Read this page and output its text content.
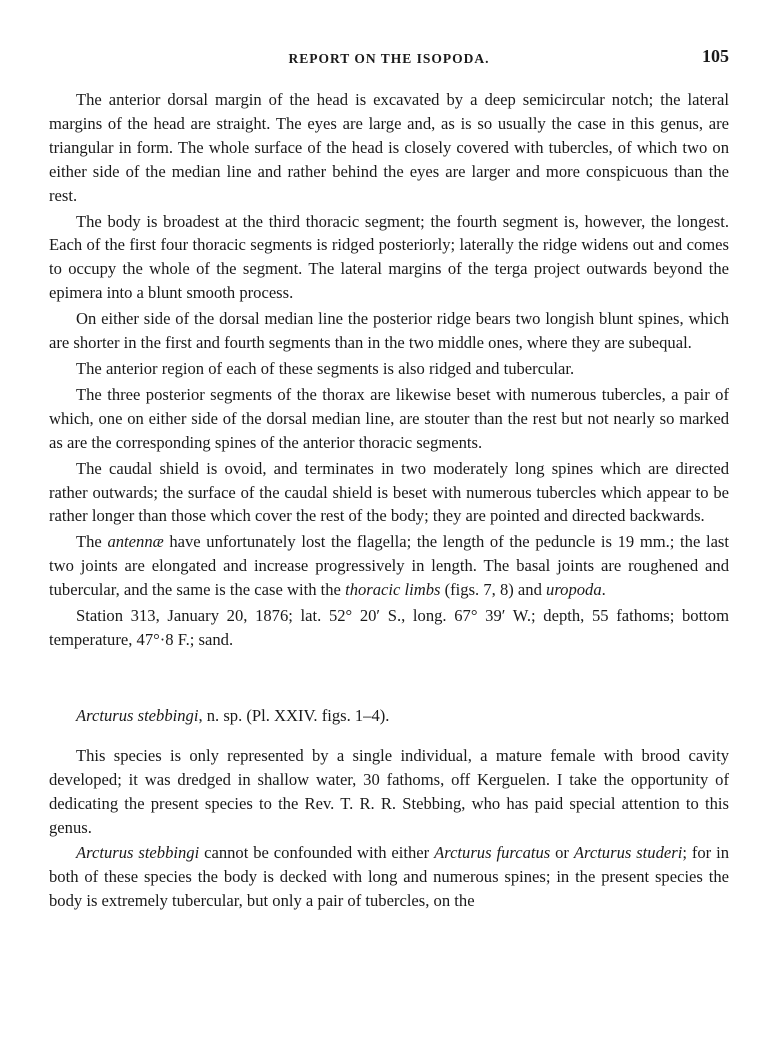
REPORT ON THE ISOPODA.	105

The anterior dorsal margin of the head is excavated by a deep semicircular notch; the lateral margins of the head are straight. The eyes are large and, as is so usually the case in this genus, are triangular in form. The whole surface of the head is closely covered with tubercles, of which two on either side of the median line and rather behind the eyes are larger and more conspicuous than the rest.

The body is broadest at the third thoracic segment; the fourth segment is, however, the longest. Each of the first four thoracic segments is ridged posteriorly; laterally the ridge widens out and comes to occupy the whole of the segment. The lateral margins of the terga project outwards beyond the epimera into a blunt smooth process.

On either side of the dorsal median line the posterior ridge bears two longish blunt spines, which are shorter in the first and fourth segments than in the two middle ones, where they are subequal.

The anterior region of each of these segments is also ridged and tubercular.

The three posterior segments of the thorax are likewise beset with numerous tubercles, a pair of which, one on either side of the dorsal median line, are stouter than the rest but not nearly so marked as are the corresponding spines of the anterior thoracic segments.

The caudal shield is ovoid, and terminates in two moderately long spines which are directed rather outwards; the surface of the caudal shield is beset with numerous tubercles which appear to be rather longer than those which cover the rest of the body; they are pointed and directed backwards.

The antennæ have unfortunately lost the flagella; the length of the peduncle is 19 mm.; the last two joints are elongated and increase progressively in length. The basal joints are roughened and tubercular, and the same is the case with the thoracic limbs (figs. 7, 8) and uropoda.

Station 313, January 20, 1876; lat. 52° 20′ S., long. 67° 39′ W.; depth, 55 fathoms; bottom temperature, 47°·8 F.; sand.

Arcturus stebbingi, n. sp. (Pl. XXIV. figs. 1–4).

This species is only represented by a single individual, a mature female with brood cavity developed; it was dredged in shallow water, 30 fathoms, off Kerguelen. I take the opportunity of dedicating the present species to the Rev. T. R. R. Stebbing, who has paid special attention to this genus.

Arcturus stebbingi cannot be confounded with either Arcturus furcatus or Arcturus studeri; for in both of these species the body is decked with long and numerous spines; in the present species the body is extremely tubercular, but only a pair of tubercles, on the
